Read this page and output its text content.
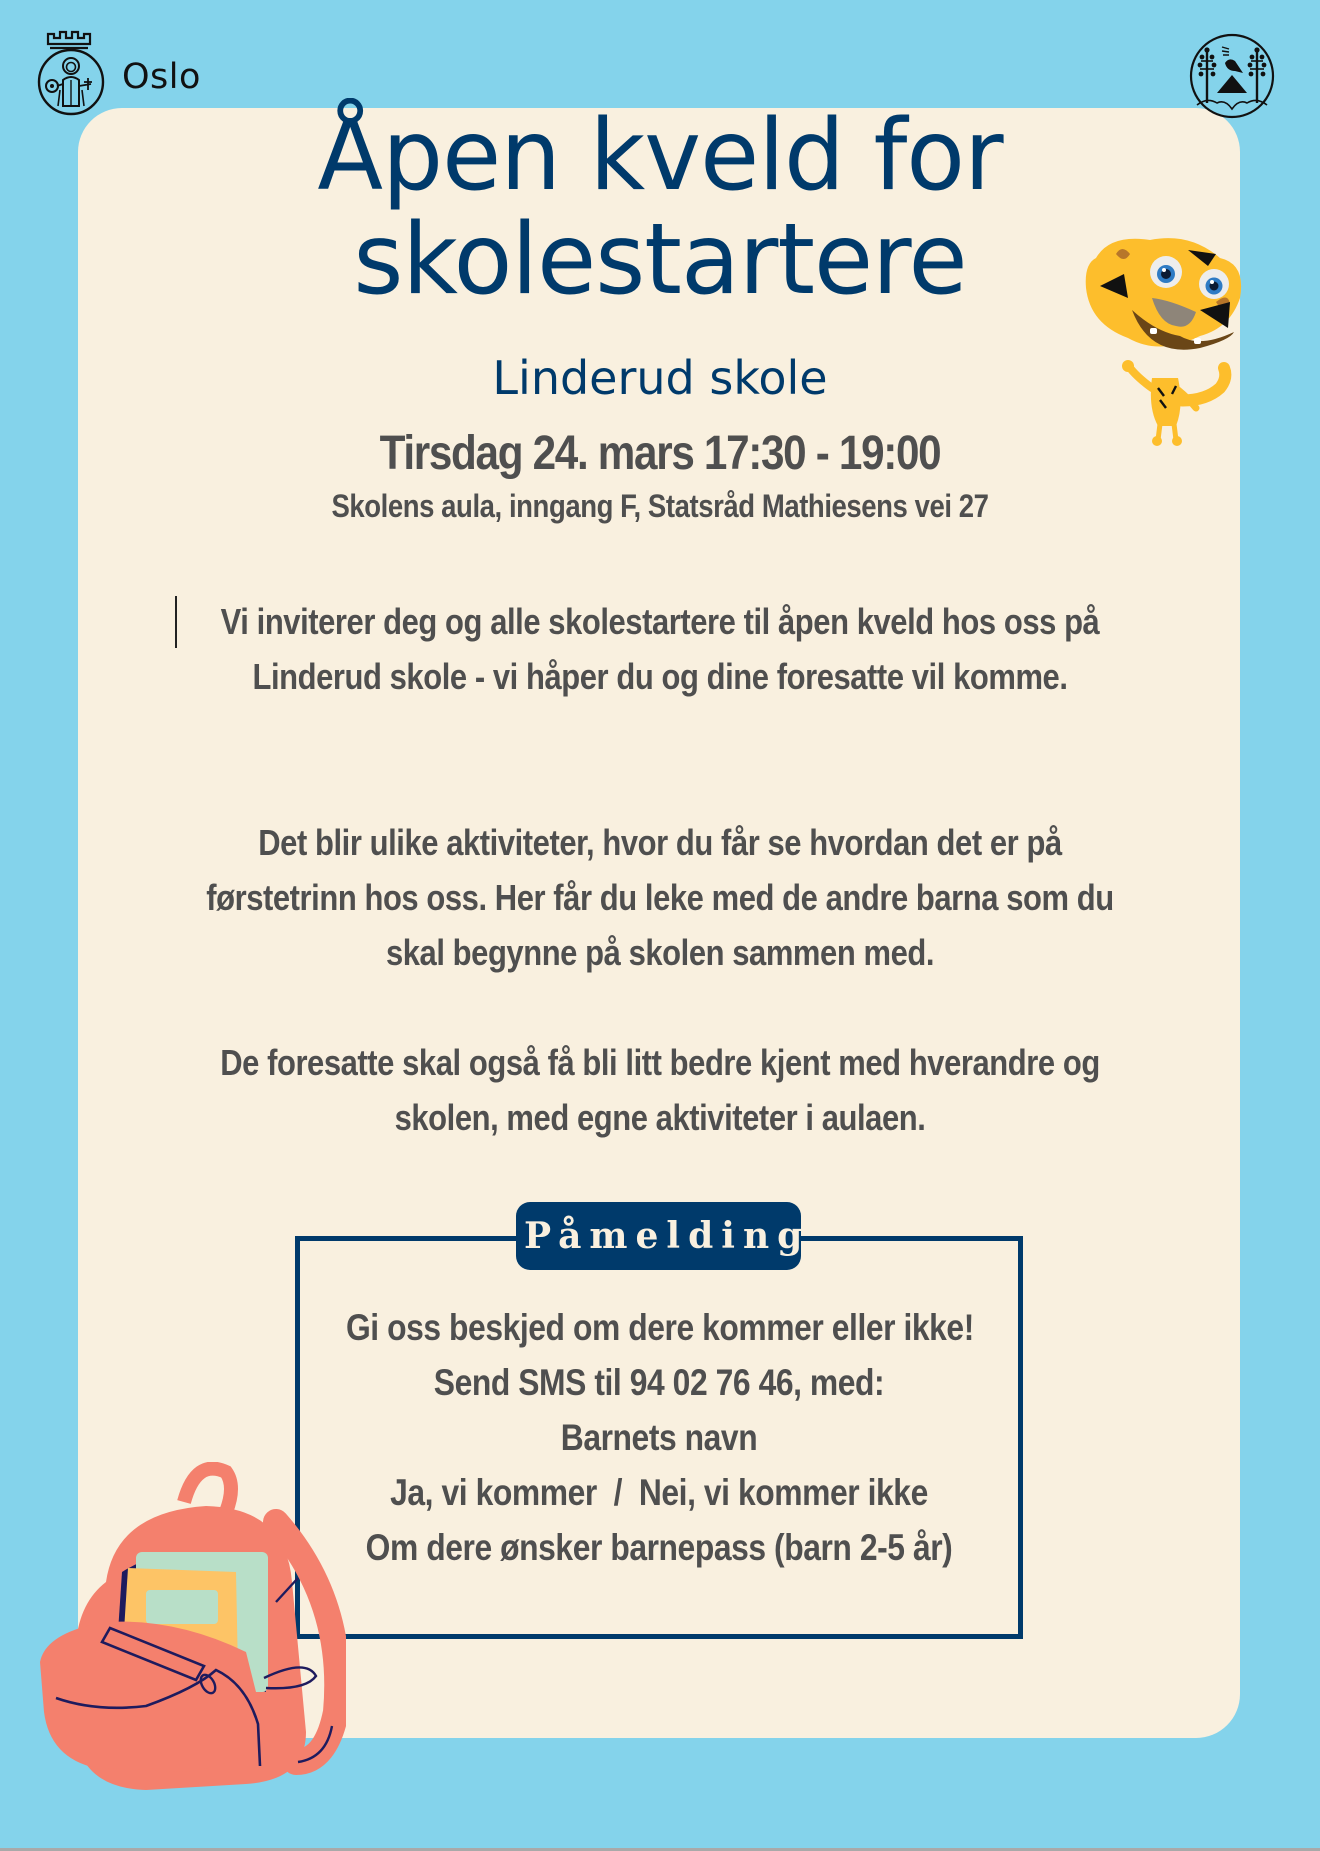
Oslo
Åpen kveld for
skolestartere
Linderud skole
Tirsdag 24. mars 17:30 - 19:00
Skolens aula, inngang F, Statsråd Mathiesens vei 27

Vi inviterer deg og alle skolestartere til åpen kveld hos oss på Linderud skole - vi håper du og dine foresatte vil komme.

Det blir ulike aktiviteter, hvor du får se hvordan det er på førstetrinn hos oss. Her får du leke med de andre barna som du skal begynne på skolen sammen med.

De foresatte skal også få bli litt bedre kjent med hverandre og skolen, med egne aktiviteter i aulaen.

Påmelding
Gi oss beskjed om dere kommer eller ikke!
Send SMS til 94 02 76 46, med:
Barnets navn
Ja, vi kommer  /  Nei, vi kommer ikke
Om dere ønsker barnepass (barn 2-5 år)
